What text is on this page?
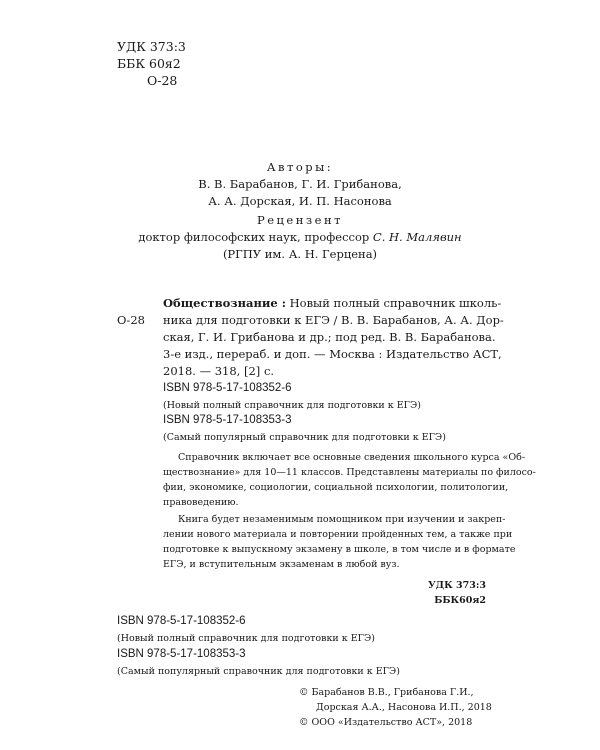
УДК 373:3
ББК 60я2
О-28
Авторы:
В. В. Барабанов, Г. И. Грибанова,
А. А. Дорская, И. П. Насонова
Рецензент
доктор философских наук, профессор С. Н. Малявин
(РГПУ им. А. Н. Герцена)
О-28
Обществознание : Новый полный справочник школь-
ника для подготовки к ЕГЭ / В. В. Барабанов, А. А. Дор-
ская, Г. И. Грибанова и др.; под ред. В. В. Барабанова.
3-е изд., перераб. и доп. — Москва : Издательство АСТ,
2018. — 318, [2] с.
ISBN 978-5-17-108352-6
(Новый полный справочник для подготовки к ЕГЭ)
ISBN 978-5-17-108353-3
(Самый популярный справочник для подготовки к ЕГЭ)
Справочник включает все основные сведения школьного курса «Об-
ществознание» для 10—11 классов. Представлены материалы по филосо-
фии, экономике, социологии, социальной психологии, политологии,
правоведению.
Книга будет незаменимым помощником при изучении и закреп-
лении нового материала и повторении пройденных тем, а также при
подготовке к выпускному экзамену в школе, в том числе и в формате
ЕГЭ, и вступительным экзаменам в любой вуз.
УДК 373:3
ББК60я2
ISBN 978-5-17-108352-6
(Новый полный справочник для подготовки к ЕГЭ)
ISBN 978-5-17-108353-3
(Самый популярный справочник для подготовки к ЕГЭ)
© Барабанов В.В., Грибанова Г.И.,
Дорская А.А., Насонова И.П., 2018
© ООО «Издательство АСТ», 2018
